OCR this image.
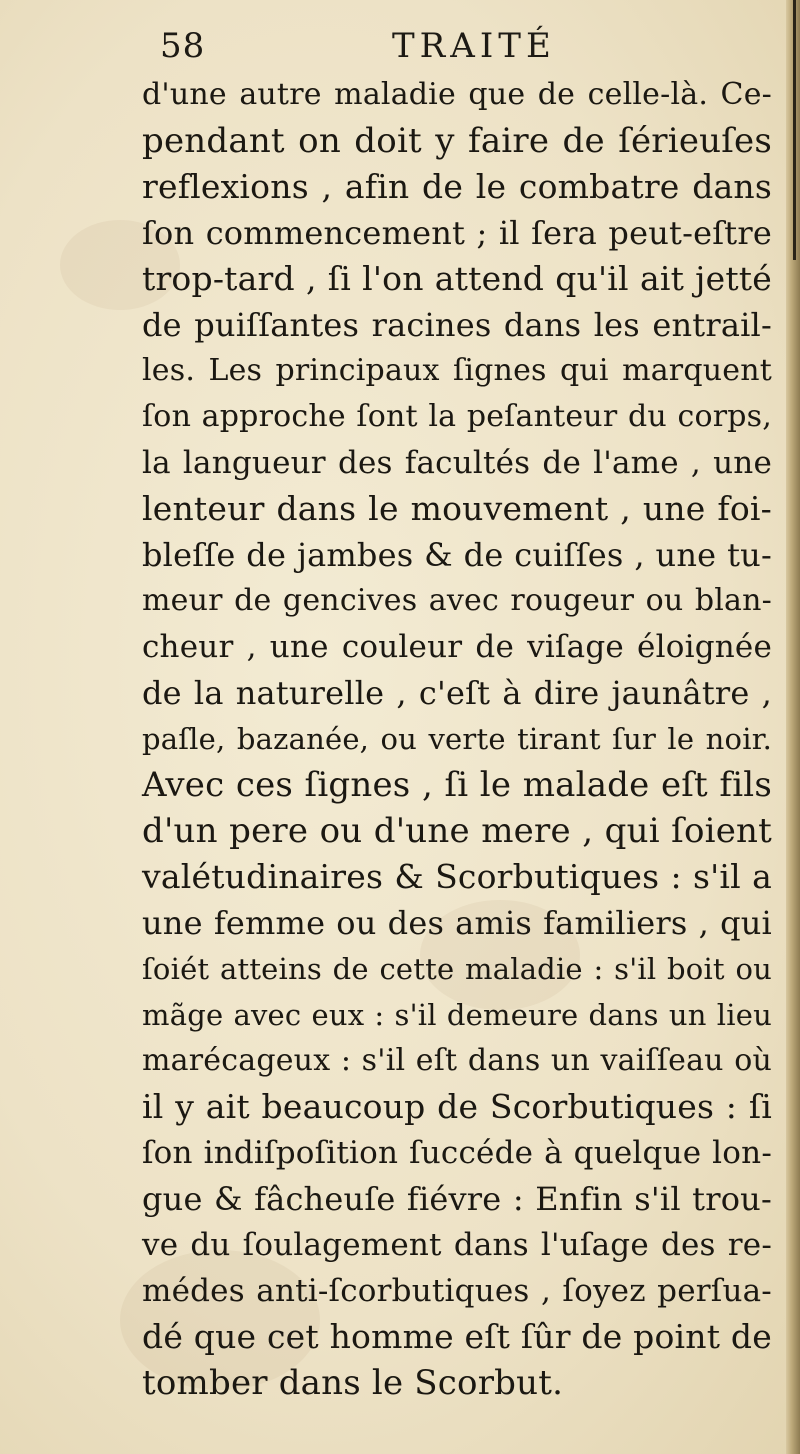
58	TRAITÉ
d'une autre maladie que de celle-là. Ce-
pendant on doit y faire de ſérieuſes
reflexions , afin de le combatre dans
ſon commencement ; il ſera peut-eſtre
trop-tard , ſi l'on attend qu'il ait jetté
de puiſſantes racines dans les entrail-
les. Les principaux ſignes qui marquent
ſon approche ſont la peſanteur du corps,
la langueur des facultés de l'ame , une
lenteur dans le mouvement , une foi-
bleſſe de jambes & de cuiſſes , une tu-
meur de gencives avec rougeur ou blan-
cheur , une couleur de viſage éloignée
de la naturelle , c'eſt à dire jaunâtre ,
paſle, bazanée, ou verte tirant ſur le noir.
Avec ces ſignes , ſi le malade eſt fils
d'un pere ou d'une mere , qui ſoient
valétudinaires & Scorbutiques : s'il a
une femme ou des amis familiers , qui
ſoiét atteins de cette maladie : s'il boit ou
mãge avec eux : s'il demeure dans un lieu
marécageux : s'il eſt dans un vaiſſeau où
il y ait beaucoup de Scorbutiques : ſi
ſon indiſpoſition ſuccéde à quelque lon-
gue & fâcheuſe fiévre : Enfin s'il trou-
ve du ſoulagement dans l'uſage des re-
médes anti-ſcorbutiques , ſoyez perſua-
dé que cet homme eſt ſûr de point de
tomber dans le Scorbut.
